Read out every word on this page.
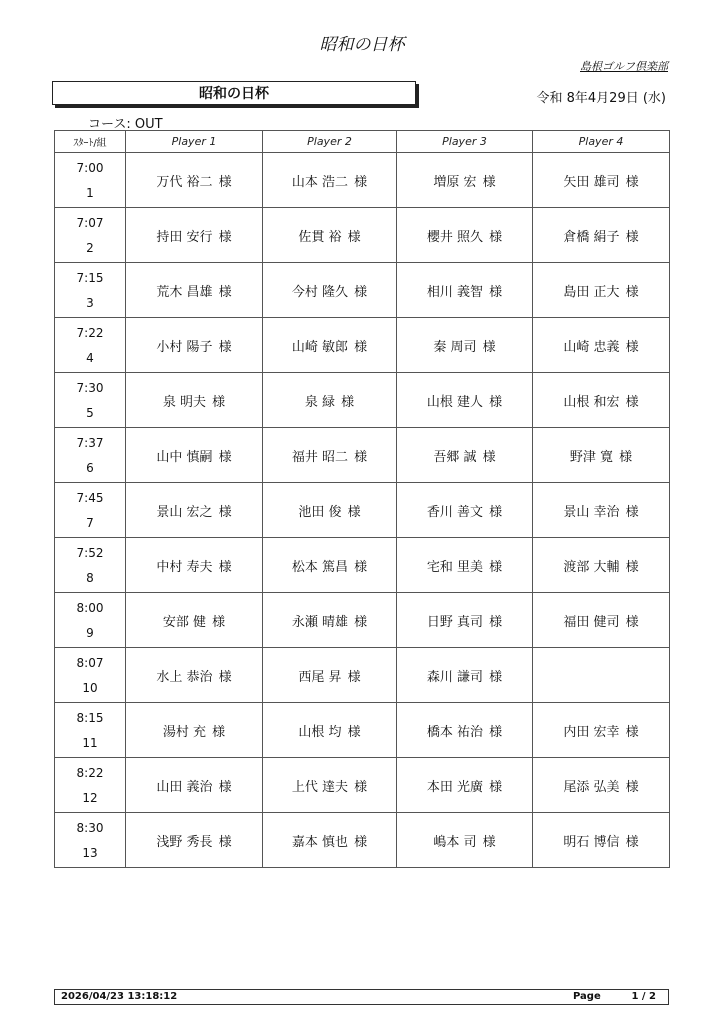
昭和の日杯
島根ゴルフ倶楽部
昭和の日杯	令和 8年4月29日 (水)
コース: OUT
ｽﾀｰﾄ/組	Player 1	Player 2	Player 3	Player 4

7:00
1	万代 裕二 様	山本 浩二 様	増原 宏 様	矢田 雄司 様

7:07
2	持田 安行 様	佐貫 裕 様	櫻井 照久 様	倉橋 絹子 様

7:15
3	荒木 昌雄 様	今村 隆久 様	相川 義智 様	島田 正大 様

7:22
4	小村 陽子 様	山崎 敏郎 様	秦 周司 様	山崎 忠義 様

7:30
5	泉 明夫 様	泉 緑 様	山根 建人 様	山根 和宏 様

7:37
6	山中 慎嗣 様	福井 昭二 様	吾郷 誠 様	野津 寛 様

7:45
7	景山 宏之 様	池田 俊 様	香川 善文 様	景山 幸治 様

7:52
8	中村 寿夫 様	松本 篤昌 様	宅和 里美 様	渡部 大輔 様

8:00
9	安部 健 様	永瀬 晴雄 様	日野 真司 様	福田 健司 様

8:07
10	水上 恭治 様	西尾 昇 様	森川 謙司 様	

8:15
11	湯村 充 様	山根 均 様	橋本 祐治 様	内田 宏幸 様

8:22
12	山田 義治 様	上代 達夫 様	本田 光廣 様	尾添 弘美 様

8:30
13	浅野 秀長 様	嘉本 慎也 様	嶋本 司 様	明石 博信 様
2026/04/23 13:18:12	Page	1 / 2
